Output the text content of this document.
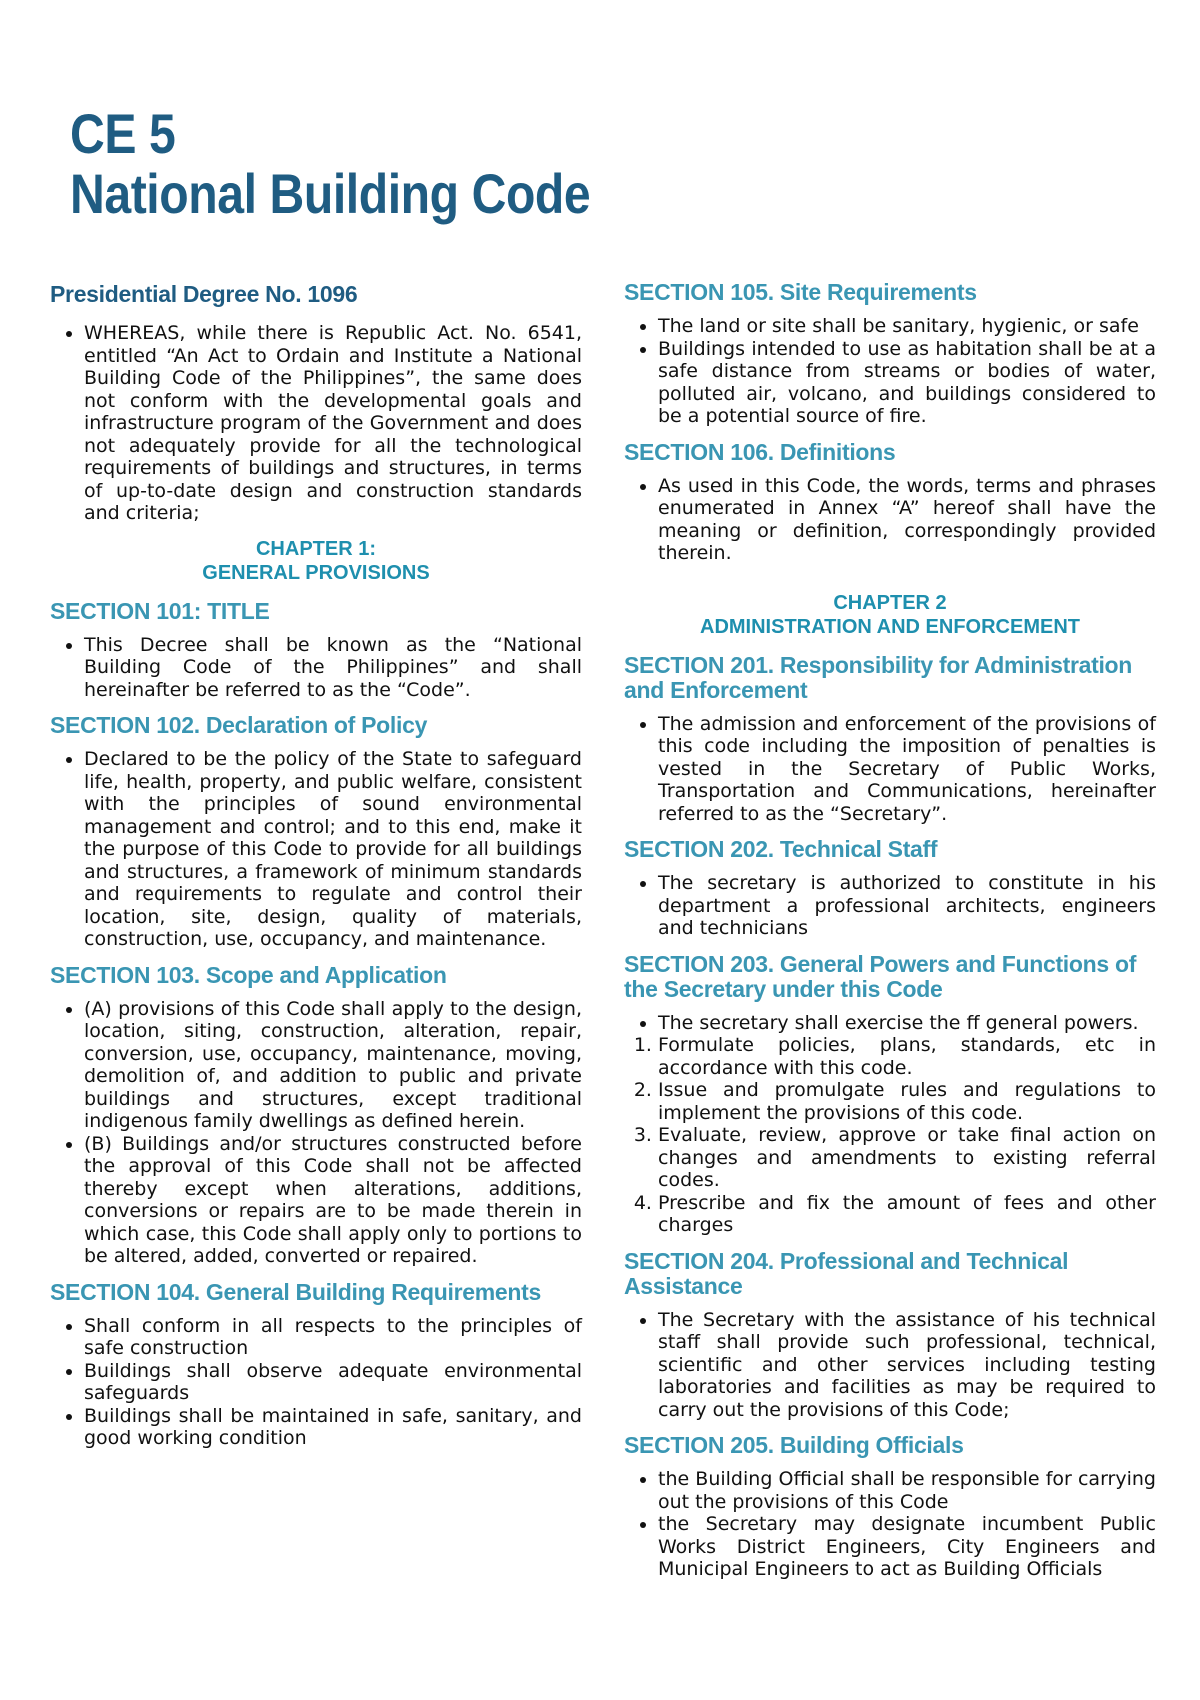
CE 5
National Building Code
Presidential Degree No. 1096
• WHEREAS, while there is Republic Act. No. 6541, entitled “An Act to Ordain and Institute a National Building Code of the Philippines”, the same does not conform with the developmental goals and infrastructure program of the Government and does not adequately provide for all the technological requirements of buildings and structures, in terms of up-to-date design and construction standards and criteria;
CHAPTER 1:
GENERAL PROVISIONS
SECTION 101: TITLE
• This Decree shall be known as the “National Building Code of the Philippines” and shall hereinafter be referred to as the “Code”.
SECTION 102. Declaration of Policy
• Declared to be the policy of the State to safeguard life, health, property, and public welfare, consistent with the principles of sound environmental management and control; and to this end, make it the purpose of this Code to provide for all buildings and structures, a framework of minimum standards and requirements to regulate and control their location, site, design, quality of materials, construction, use, occupancy, and maintenance.
SECTION 103. Scope and Application
• (A) provisions of this Code shall apply to the design, location, siting, construction, alteration, repair, conversion, use, occupancy, maintenance, moving, demolition of, and addition to public and private buildings and structures, except traditional indigenous family dwellings as defined herein.
• (B) Buildings and/or structures constructed before the approval of this Code shall not be affected thereby except when alterations, additions, conversions or repairs are to be made therein in which case, this Code shall apply only to portions to be altered, added, converted or repaired.
SECTION 104. General Building Requirements
• Shall conform in all respects to the principles of safe construction
• Buildings shall observe adequate environmental safeguards
• Buildings shall be maintained in safe, sanitary, and good working condition
SECTION 105. Site Requirements
• The land or site shall be sanitary, hygienic, or safe
• Buildings intended to use as habitation shall be at a safe distance from streams or bodies of water, polluted air, volcano, and buildings considered to be a potential source of fire.
SECTION 106. Definitions
• As used in this Code, the words, terms and phrases enumerated in Annex “A” hereof shall have the meaning or definition, correspondingly provided therein.
CHAPTER 2
ADMINISTRATION AND ENFORCEMENT
SECTION 201. Responsibility for Administration and Enforcement
• The admission and enforcement of the provisions of this code including the imposition of penalties is vested in the Secretary of Public Works, Transportation and Communications, hereinafter referred to as the “Secretary”.
SECTION 202. Technical Staff
• The secretary is authorized to constitute in his department a professional architects, engineers and technicians
SECTION 203. General Powers and Functions of the Secretary under this Code
• The secretary shall exercise the ff general powers.
1. Formulate policies, plans, standards, etc in accordance with this code.
2. Issue and promulgate rules and regulations to implement the provisions of this code.
3. Evaluate, review, approve or take final action on changes and amendments to existing referral codes.
4. Prescribe and fix the amount of fees and other charges
SECTION 204. Professional and Technical Assistance
• The Secretary with the assistance of his technical staff shall provide such professional, technical, scientific and other services including testing laboratories and facilities as may be required to carry out the provisions of this Code;
SECTION 205. Building Officials
• the Building Official shall be responsible for carrying out the provisions of this Code
• the Secretary may designate incumbent Public Works District Engineers, City Engineers and Municipal Engineers to act as Building Officials
